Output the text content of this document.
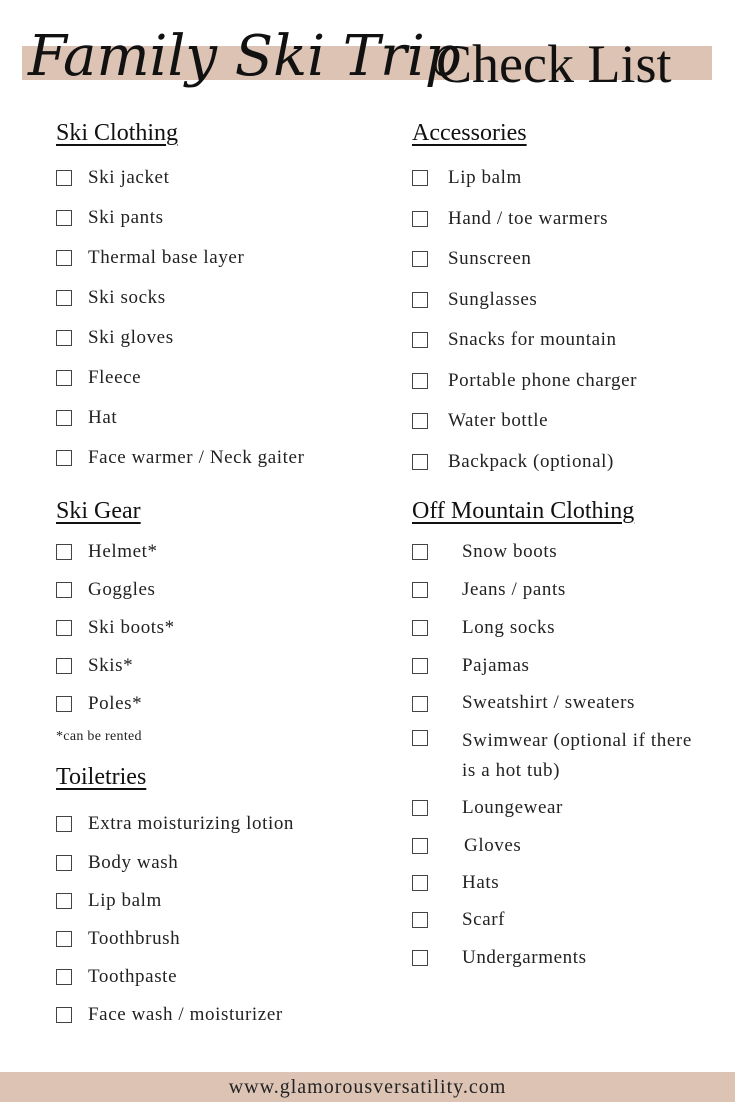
Family Ski Trip
Check List
Ski Clothing
Ski jacket
Ski pants
Thermal base layer
Ski socks
Ski gloves
Fleece
Hat
Face warmer / Neck gaiter
Accessories
Lip balm
Hand / toe warmers
Sunscreen
Sunglasses
Snacks for mountain
Portable phone charger
Water bottle
Backpack (optional)
Ski Gear
Helmet*
Goggles
Ski boots*
Skis*
Poles*
*can be rented
Toiletries
Extra moisturizing lotion
Body wash
Lip balm
Toothbrush
Toothpaste
Face wash / moisturizer
Off Mountain Clothing
Snow boots
Jeans / pants
Long socks
Pajamas
Sweatshirt / sweaters
Swimwear (optional if there
is a hot tub)
Loungewear
Gloves
Hats
Scarf
Undergarments
www.glamorousversatility.com
